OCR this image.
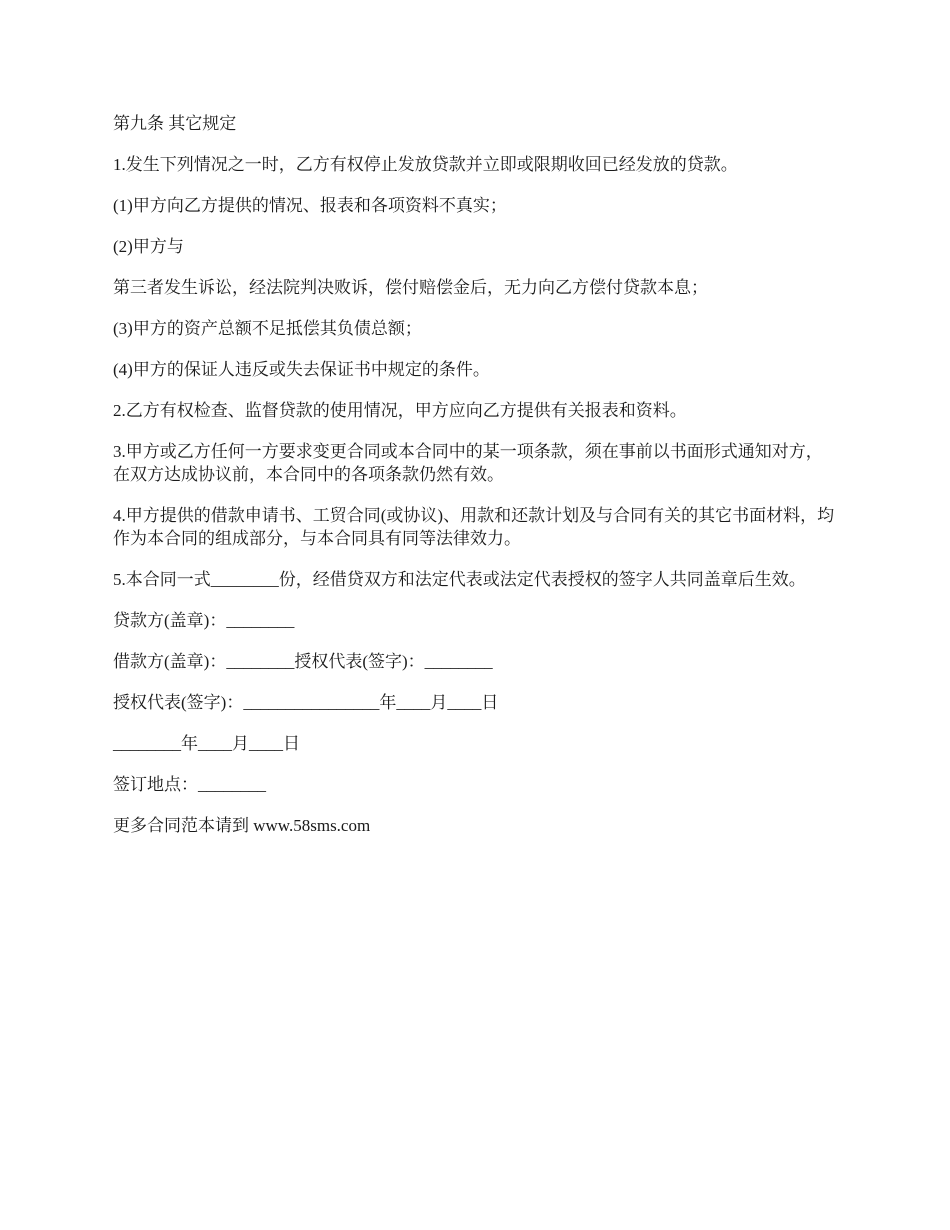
第九条 其它规定

1.发生下列情况之一时，乙方有权停止发放贷款并立即或限期收回已经发放的贷款。

(1)甲方向乙方提供的情况、报表和各项资料不真实；

(2)甲方与

第三者发生诉讼，经法院判决败诉，偿付赔偿金后，无力向乙方偿付贷款本息；

(3)甲方的资产总额不足抵偿其负债总额；

(4)甲方的保证人违反或失去保证书中规定的条件。

2.乙方有权检查、监督贷款的使用情况，甲方应向乙方提供有关报表和资料。

3.甲方或乙方任何一方要求变更合同或本合同中的某一项条款，须在事前以书面形式通知对方，在双方达成协议前，本合同中的各项条款仍然有效。

4.甲方提供的借款申请书、工贸合同(或协议)、用款和还款计划及与合同有关的其它书面材料，均作为本合同的组成部分，与本合同具有同等法律效力。

5.本合同一式________份，经借贷双方和法定代表或法定代表授权的签字人共同盖章后生效。

贷款方(盖章)：________

借款方(盖章)：________授权代表(签字)：________

授权代表(签字)：________________年____月____日

________年____月____日

签订地点：________

更多合同范本请到 www.58sms.com
